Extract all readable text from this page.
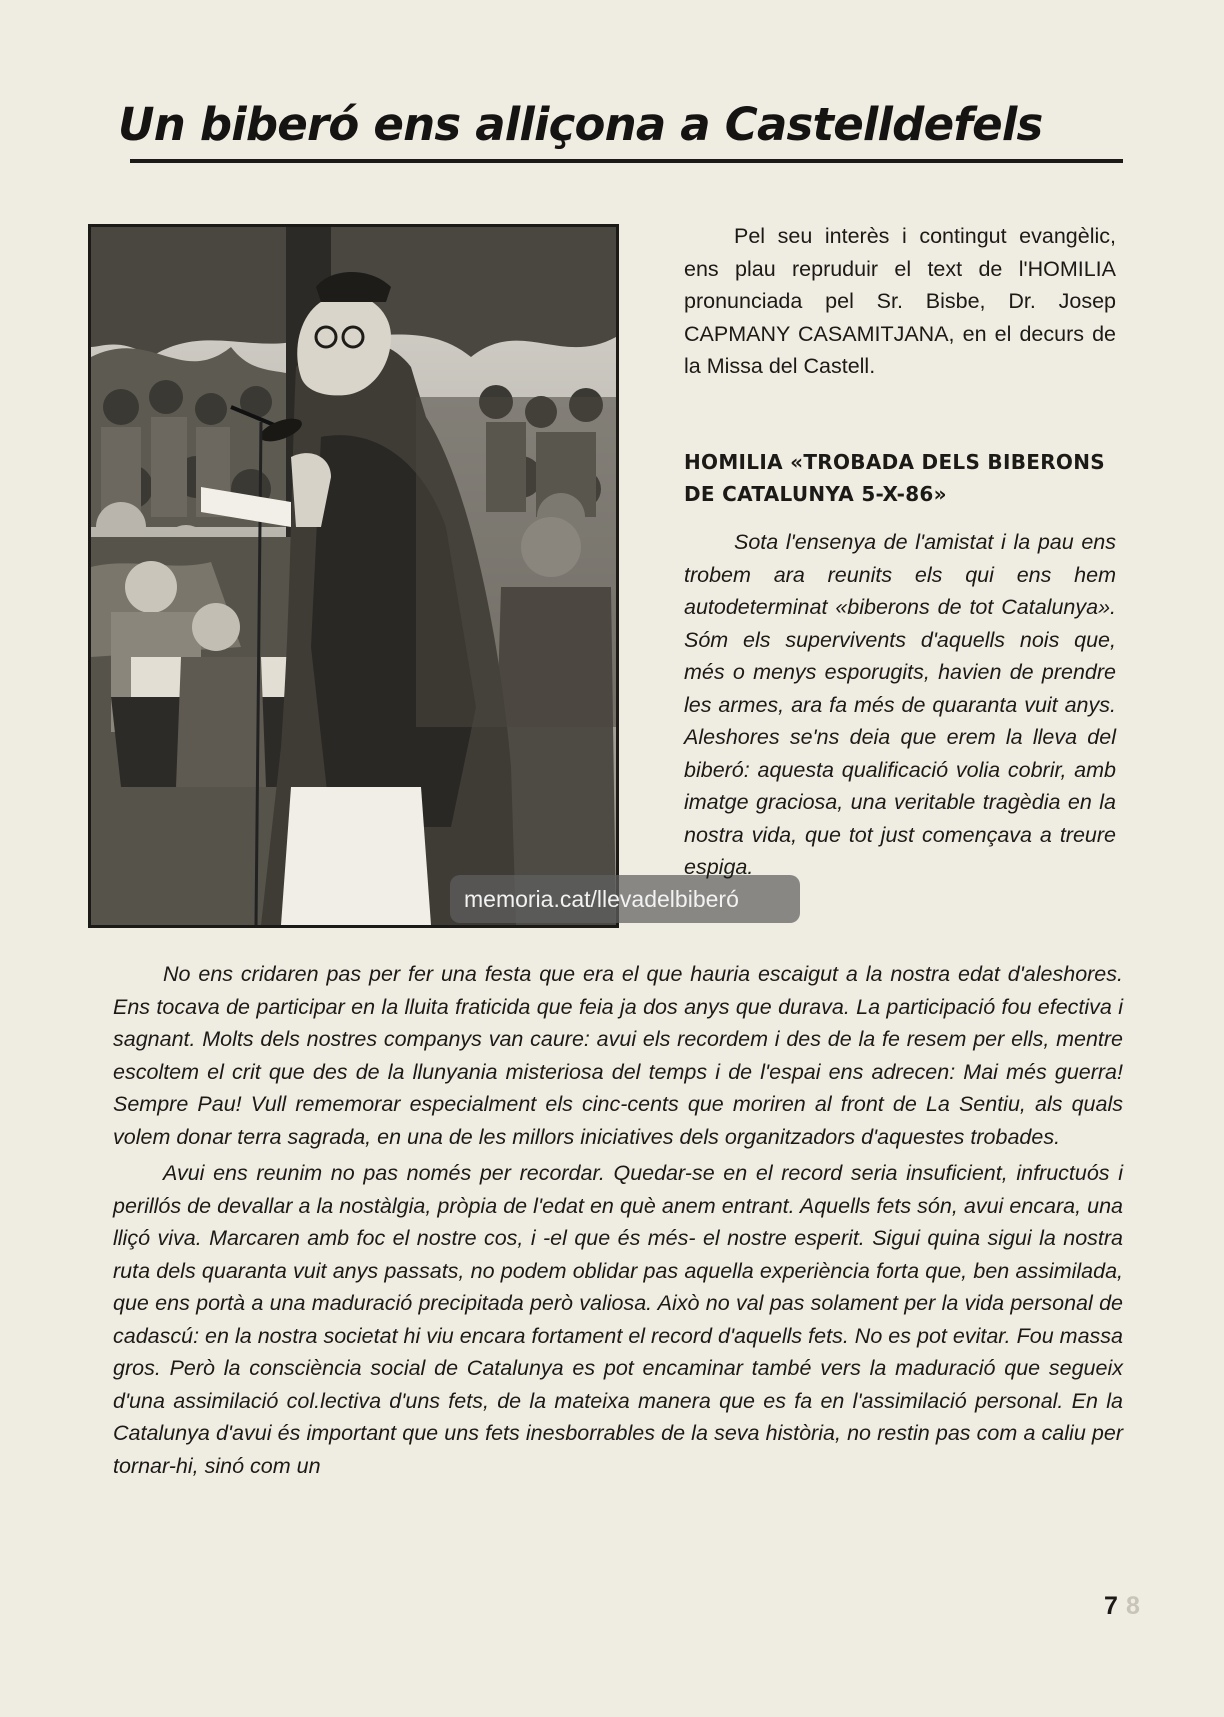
Un biberó ens alliçona a Castelldefels
memoria.cat/llevadelbiberó

Pel seu interès i contingut evangèlic, ens plau repruduir el text de l'HOMILIA pronunciada pel Sr. Bisbe, Dr. Josep CAPMANY CASAMITJANA, en el decurs de la Missa del Castell.

HOMILIA «TROBADA DELS BIBERONS DE CATALUNYA 5-X-86»

Sota l'ensenya de l'amistat i la pau ens trobem ara reunits els qui ens hem autodeterminat «biberons de tot Catalunya». Sóm els supervivents d'aquells nois que, més o menys esporugits, havien de prendre les armes, ara fa més de quaranta vuit anys. Aleshores se'ns deia que erem la lleva del biberó: aquesta qualificació volia cobrir, amb imatge graciosa, una veritable tragèdia en la nostra vida, que tot just començava a treure espiga.

No ens cridaren pas per fer una festa que era el que hauria escaigut a la nostra edat d'aleshores. Ens tocava de participar en la lluita fraticida que feia ja dos anys que durava. La participació fou efectiva i sagnant. Molts dels nostres companys van caure: avui els recordem i des de la fe resem per ells, mentre escoltem el crit que des de la llunyania misteriosa del temps i de l'espai ens adrecen: Mai més guerra! Sempre Pau! Vull rememorar especialment els cinc-cents que moriren al front de La Sentiu, als quals volem donar terra sagrada, en una de les millors iniciatives dels organitzadors d'aquestes trobades.

Avui ens reunim no pas només per recordar. Quedar-se en el record seria insuficient, infructuós i perillós de devallar a la nostàlgia, pròpia de l'edat en què anem entrant. Aquells fets són, avui encara, una lliçó viva. Marcaren amb foc el nostre cos, i -el que és més- el nostre esperit. Sigui quina sigui la nostra ruta dels quaranta vuit anys passats, no podem oblidar pas aquella experiència forta que, ben assimilada, que ens portà a una maduració precipitada però valiosa. Això no val pas solament per la vida personal de cadascú: en la nostra societat hi viu encara fortament el record d'aquells fets. No es pot evitar. Fou massa gros. Però la consciència social de Catalunya es pot encaminar també vers la maduració que segueix d'una assimilació col.lectiva d'uns fets, de la mateixa manera que es fa en l'assimilació personal. En la Catalunya d'avui és important que uns fets inesborrables de la seva història, no restin pas com a caliu per tornar-hi, sinó com un

7 8
